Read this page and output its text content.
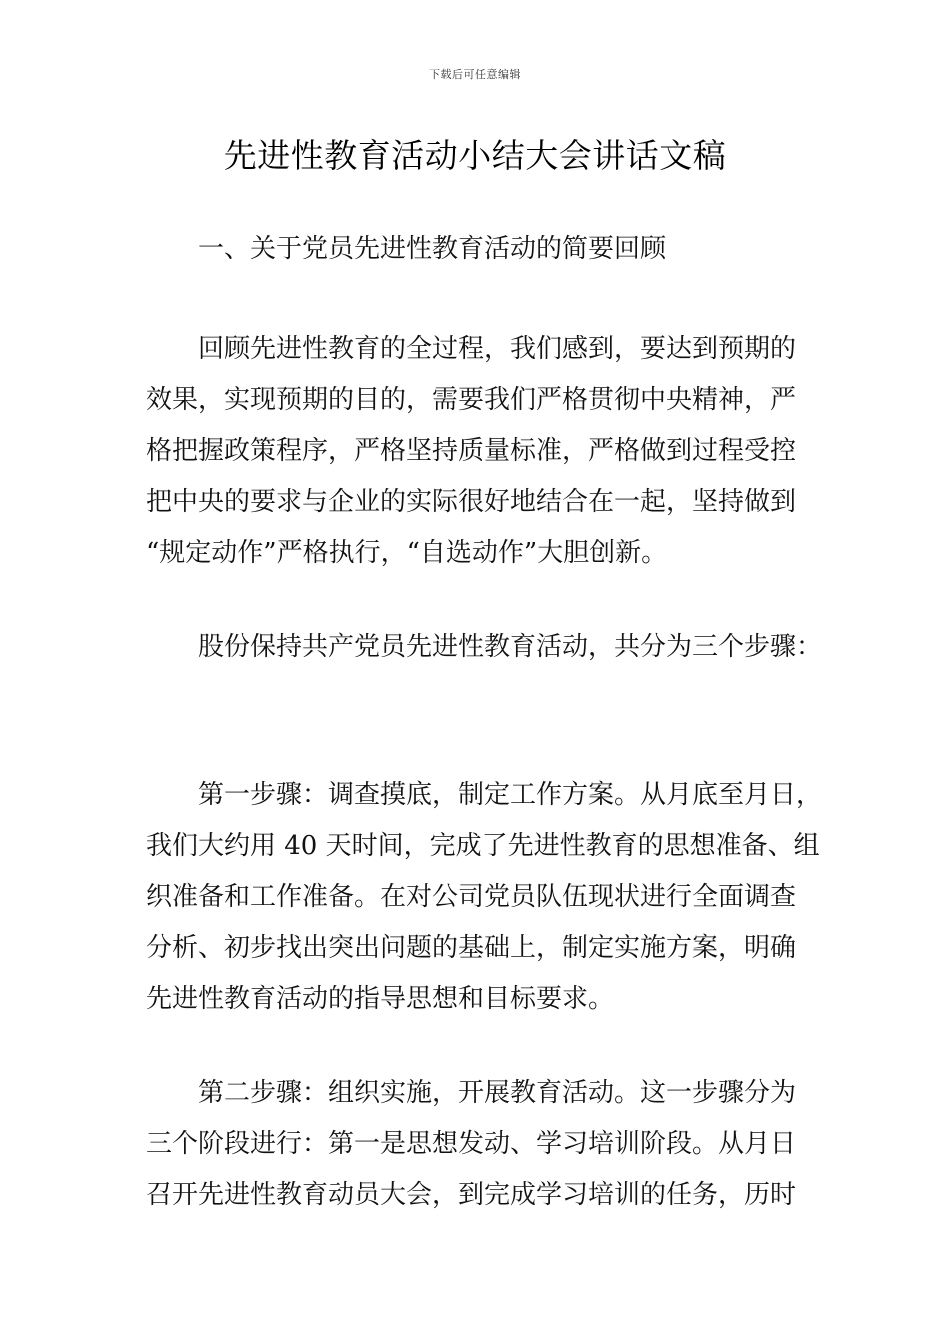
下载后可任意编辑
先进性教育活动小结大会讲话文稿
一、关于党员先进性教育活动的简要回顾
回顾先进性教育的全过程，我们感到，要达到预期的
效果，实现预期的目的，需要我们严格贯彻中央精神，严
格把握政策程序，严格坚持质量标准，严格做到过程受控
把中央的要求与企业的实际很好地结合在一起，坚持做到
“规定动作”严格执行，“自选动作”大胆创新。
股份保持共产党员先进性教育活动，共分为三个步骤：
第一步骤：调查摸底，制定工作方案。从月底至月日，
我们大约用 40 天时间，完成了先进性教育的思想准备、组
织准备和工作准备。在对公司党员队伍现状进行全面调查
分析、初步找出突出问题的基础上，制定实施方案，明确
先进性教育活动的指导思想和目标要求。
第二步骤：组织实施，开展教育活动。这一步骤分为
三个阶段进行：第一是思想发动、学习培训阶段。从月日
召开先进性教育动员大会，到完成学习培训的任务，历时
